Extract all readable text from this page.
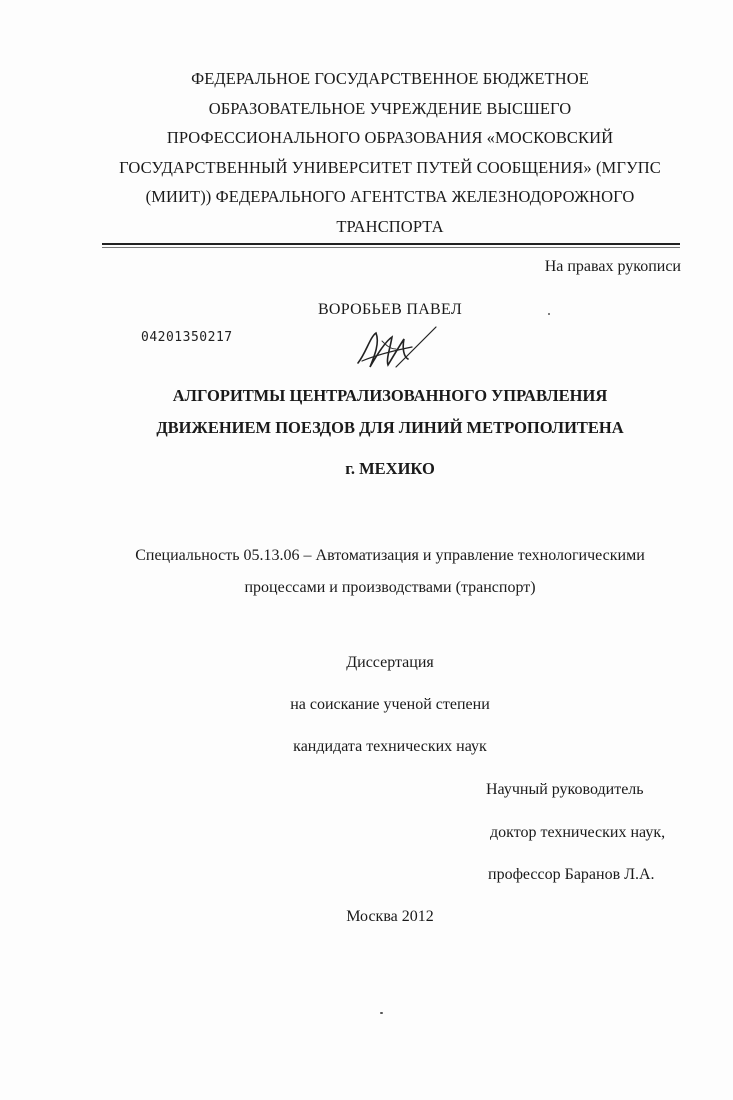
ФЕДЕРАЛЬНОЕ ГОСУДАРСТВЕННОЕ БЮДЖЕТНОЕ
ОБРАЗОВАТЕЛЬНОЕ УЧРЕЖДЕНИЕ ВЫСШЕГО
ПРОФЕССИОНАЛЬНОГО ОБРАЗОВАНИЯ «МОСКОВСКИЙ
ГОСУДАРСТВЕННЫЙ УНИВЕРСИТЕТ ПУТЕЙ СООБЩЕНИЯ» (МГУПС
(МИИТ)) ФЕДЕРАЛЬНОГО АГЕНТСТВА ЖЕЛЕЗНОДОРОЖНОГО
ТРАНСПОРТА
На правах рукописи
ВОРОБЬЕВ ПАВЕЛ
04201350217
АЛГОРИТМЫ ЦЕНТРАЛИЗОВАННОГО УПРАВЛЕНИЯ
ДВИЖЕНИЕМ ПОЕЗДОВ ДЛЯ ЛИНИЙ МЕТРОПОЛИТЕНА
г. МЕХИКО
Специальность 05.13.06 – Автоматизация и управление технологическими
процессами и производствами (транспорт)
Диссертация
на соискание ученой степени
кандидата технических наук
Научный руководитель
доктор технических наук,
профессор Баранов Л.А.
Москва 2012
